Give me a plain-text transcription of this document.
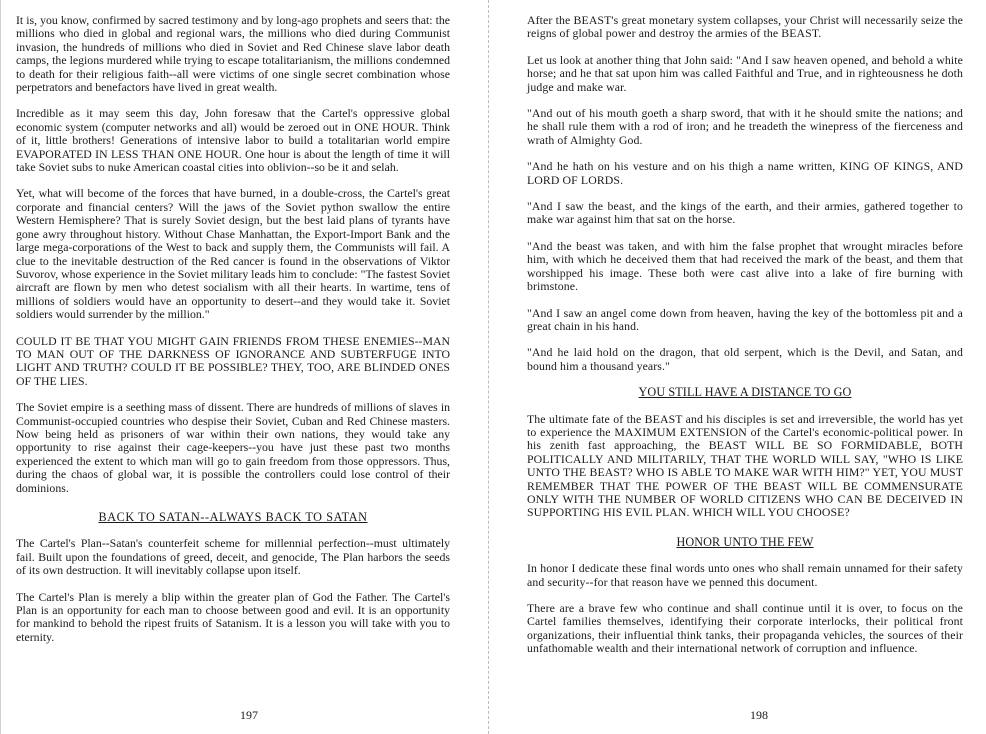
It is, you know, confirmed by sacred testimony and by long-ago prophets and seers that: the millions who died in global and regional wars, the millions who died during Communist invasion, the hundreds of millions who died in Soviet and Red Chinese slave labor death camps, the legions murdered while trying to escape totalitarianism, the millions condemned to death for their religious faith--all were victims of one single secret combination whose perpetrators and benefactors have lived in great wealth.

Incredible as it may seem this day, John foresaw that the Cartel's oppressive global economic system (computer networks and all) would be zeroed out in ONE HOUR. Think of it, little brothers! Generations of intensive labor to build a totalitarian world empire EVAPORATED IN LESS THAN ONE HOUR. One hour is about the length of time it will take Soviet subs to nuke American coastal cities into oblivion--so be it and selah.

Yet, what will become of the forces that have burned, in a double-cross, the Cartel's great corporate and financial centers? Will the jaws of the Soviet python swallow the entire Western Hemisphere? That is surely Soviet design, but the best laid plans of tyrants have gone awry throughout history. Without Chase Manhattan, the Export-Import Bank and the large mega-corporations of the West to back and supply them, the Communists will fail. A clue to the inevitable destruction of the Red cancer is found in the observations of Viktor Suvorov, whose experience in the Soviet military leads him to conclude: "The fastest Soviet aircraft are flown by men who detest socialism with all their hearts. In wartime, tens of millions of soldiers would have an opportunity to desert--and they would take it. Soviet soldiers would surrender by the million."

COULD IT BE THAT YOU MIGHT GAIN FRIENDS FROM THESE ENEMIES--MAN TO MAN OUT OF THE DARKNESS OF IGNORANCE AND SUBTERFUGE INTO LIGHT AND TRUTH? COULD IT BE POSSIBLE? THEY, TOO, ARE BLINDED ONES OF THE LIES.

The Soviet empire is a seething mass of dissent. There are hundreds of millions of slaves in Communist-occupied countries who despise their Soviet, Cuban and Red Chinese masters. Now being held as prisoners of war within their own nations, they would take any opportunity to rise against their cage-keepers--you have just these past two months experienced the extent to which man will go to gain freedom from those oppressors. Thus, during the chaos of global war, it is possible the controllers could lose control of their dominions.

BACK TO SATAN--ALWAYS BACK TO SATAN

The Cartel's Plan--Satan's counterfeit scheme for millennial perfection--must ultimately fail. Built upon the foundations of greed, deceit, and genocide, The Plan harbors the seeds of its own destruction. It will inevitably collapse upon itself.

The Cartel's Plan is merely a blip within the greater plan of God the Father. The Cartel's Plan is an opportunity for each man to choose between good and evil. It is an opportunity for mankind to behold the ripest fruits of Satanism. It is a lesson you will take with you to eternity.

After the BEAST's great monetary system collapses, your Christ will necessarily seize the reigns of global power and destroy the armies of the BEAST.

Let us look at another thing that John said: "And I saw heaven opened, and behold a white horse; and he that sat upon him was called Faithful and True, and in righteousness he doth judge and make war.

"And out of his mouth goeth a sharp sword, that with it he should smite the nations; and he shall rule them with a rod of iron; and he treadeth the winepress of the fierceness and wrath of Almighty God.

"And he hath on his vesture and on his thigh a name written, KING OF KINGS, AND LORD OF LORDS.

"And I saw the beast, and the kings of the earth, and their armies, gathered together to make war against him that sat on the horse.

"And the beast was taken, and with him the false prophet that wrought miracles before him, with which he deceived them that had received the mark of the beast, and them that worshipped his image. These both were cast alive into a lake of fire burning with brimstone.

"And I saw an angel come down from heaven, having the key of the bottomless pit and a great chain in his hand.

"And he laid hold on the dragon, that old serpent, which is the Devil, and Satan, and bound him a thousand years."

YOU STILL HAVE A DISTANCE TO GO

The ultimate fate of the BEAST and his disciples is set and irreversible, the world has yet to experience the MAXIMUM EXTENSION of the Cartel's economic-political power. In his zenith fast approaching, the BEAST WILL BE SO FORMIDABLE, BOTH POLITICALLY AND MILITARILY, THAT THE WORLD WILL SAY, "WHO IS LIKE UNTO THE BEAST? WHO IS ABLE TO MAKE WAR WITH HIM?" YET, YOU MUST REMEMBER THAT THE POWER OF THE BEAST WILL BE COMMENSURATE ONLY WITH THE NUMBER OF WORLD CITIZENS WHO CAN BE DECEIVED IN SUPPORTING HIS EVIL PLAN. WHICH WILL YOU CHOOSE?

HONOR UNTO THE FEW

In honor I dedicate these final words unto ones who shall remain unnamed for their safety and security--for that reason have we penned this document.

There are a brave few who continue and shall continue until it is over, to focus on the Cartel families themselves, identifying their corporate interlocks, their political front organizations, their influential think tanks, their propaganda vehicles, the sources of their unfathomable wealth and their international network of corruption and influence.

197	198
